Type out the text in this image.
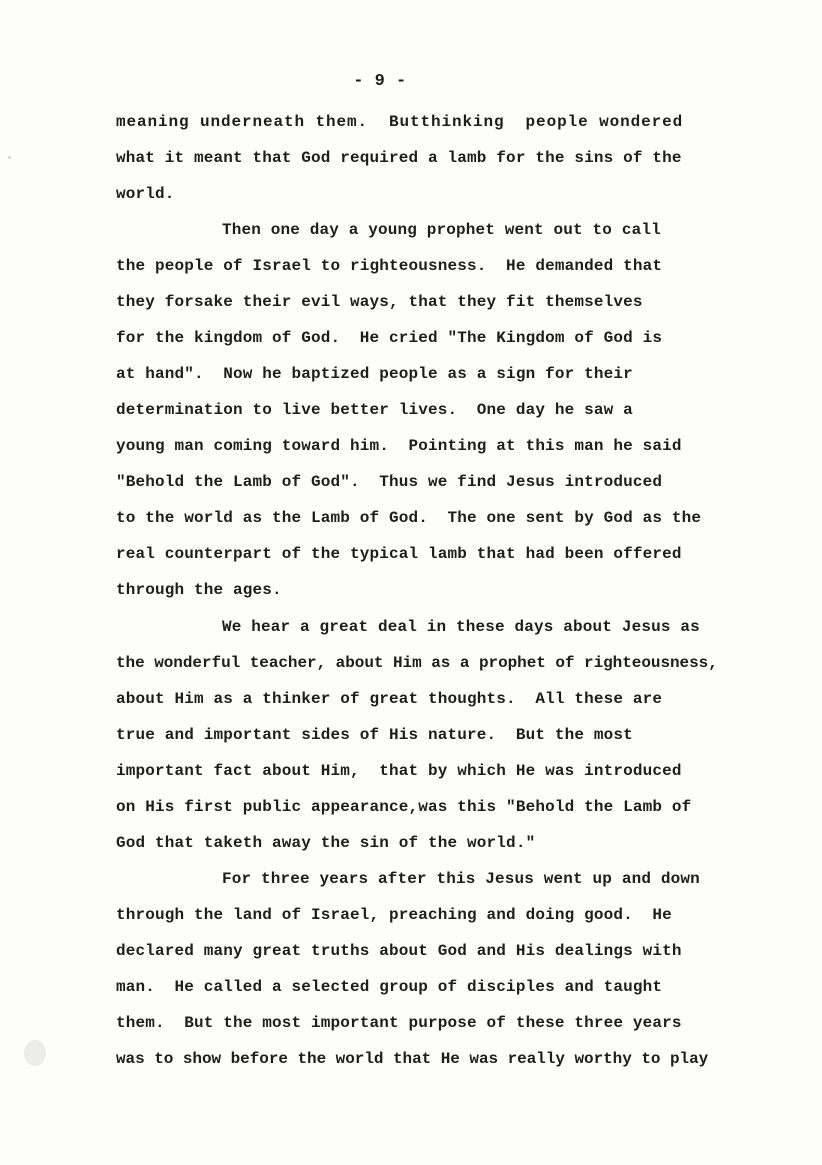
- 9 -
meaning underneath them.  Butthinking  people wondered
what it meant that God required a lamb for the sins of the
world.
Then one day a young prophet went out to call
the people of Israel to righteousness.  He demanded that
they forsake their evil ways, that they fit themselves
for the kingdom of God.  He cried "The Kingdom of God is
at hand".  Now he baptized people as a sign for their
determination to live better lives.  One day he saw a
young man coming toward him.  Pointing at this man he said
"Behold the Lamb of God".  Thus we find Jesus introduced
to the world as the Lamb of God.  The one sent by God as the
real counterpart of the typical lamb that had been offered
through the ages.
We hear a great deal in these days about Jesus as
the wonderful teacher, about Him as a prophet of righteousness,
about Him as a thinker of great thoughts.  All these are
true and important sides of His nature.  But the most
important fact about Him,  that by which He was introduced
on His first public appearance,was this "Behold the Lamb of
God that taketh away the sin of the world."
For three years after this Jesus went up and down
through the land of Israel, preaching and doing good.  He
declared many great truths about God and His dealings with
man.  He called a selected group of disciples and taught
them.  But the most important purpose of these three years
was to show before the world that He was really worthy to play
